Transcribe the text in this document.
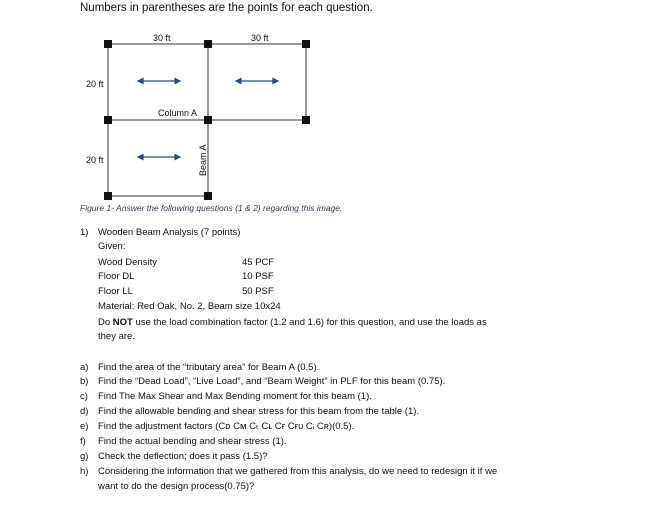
Numbers in parentheses are the points for each question.
30 ft	30 ft
20 ft
20 ft
Column A
Beam A
Figure 1- Answer the following questions (1 & 2) regarding this image.
1) Wooden Beam Analysis (7 points)
Given:
Wood Density	45 PCF
Floor DL	10 PSF
Floor LL	50 PSF
Material: Red Oak, No. 2, Beam size 10x24
Do NOT use the load combination factor (1.2 and 1.6) for this question, and use the loads as
they are.
a) Find the area of the “tributary area” for Beam A (0.5).
b) Find the “Dead Load”, “Live Load”, and “Beam Weight” in PLF for this beam (0.75).
c) Find The Max Shear and Max Bending moment for this beam (1).
d) Find the allowable bending and shear stress for this beam from the table (1).
e) Find the adjustment factors (Cᴅ Cᴍ Cₜ Cʟ Cғ Cғᴜ Cᵢ Cʀ)(0.5).
f) Find the actual bending and shear stress (1).
g) Check the deflection; does it pass (1.5)?
h) Considering the information that we gathered from this analysis, do we need to redesign it if we
want to do the design process(0.75)?
